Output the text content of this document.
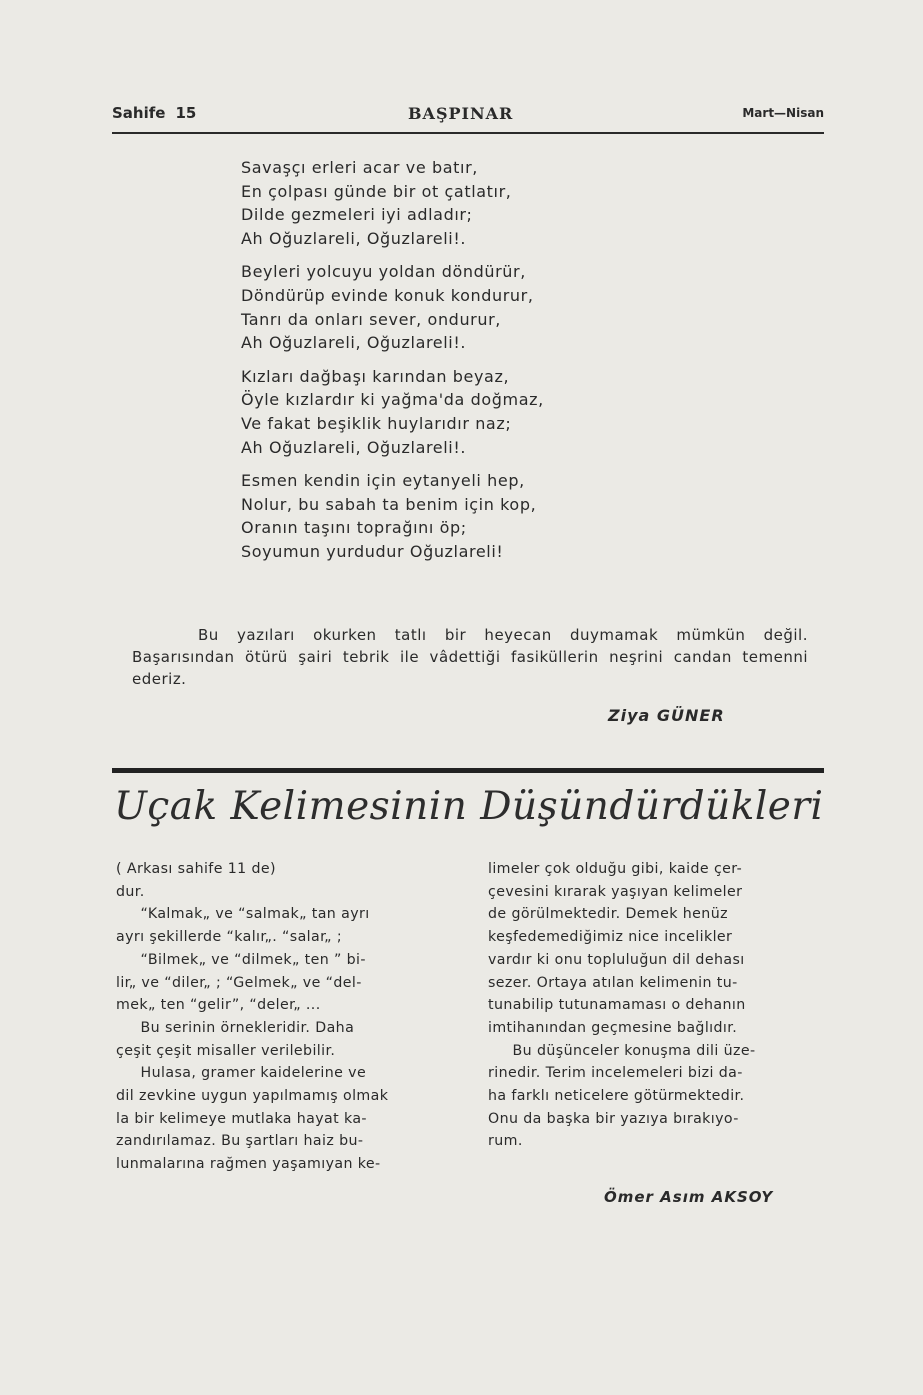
Sahife 15	BAŞPINAR	Mart—Nisan
Savaşçı erleri acar ve batır,
En çolpası günde bir ot çatlatır,
Dilde gezmeleri iyi adladır;
Ah Oğuzlareli, Oğuzlareli!.
Beyleri yolcuyu yoldan döndürür,
Döndürüp evinde konuk kondurur,
Tanrı da onları sever, ondurur,
Ah Oğuzlareli, Oğuzlareli!.
Kızları dağbaşı karından beyaz,
Öyle kızlardır ki yağma'da doğmaz,
Ve fakat beşiklik huylarıdır naz;
Ah Oğuzlareli, Oğuzlareli!.
Esmen kendin için eytanyeli hep,
Nolur, bu sabah ta benim için kop,
Oranın taşını toprağını öp;
Soyumun yurdudur Oğuzlareli!

Bu yazıları okurken tatlı bir heyecan duymamak mümkün değil. Başarısından ötürü şairi tebrik ile vâdettiği fasiküllerin neşrini candan temenni ederiz.

Ziya GÜNER
Uçak Kelimesinin Düşündürdükleri
( Arkası sahife 11 de)
dur.
“Kalmak„ ve “salmak„ tan ayrı
ayrı şekillerde “kalır„. “salar„ ;
“Bilmek„ ve “dilmek„ ten ” bi-
lir„ ve “diler„ ; “Gelmek„ ve “del-
mek„ ten “gelir”, “deler„ ...
Bu serinin örnekleridir. Daha
çeşit çeşit misaller verilebilir.
Hulasa, gramer kaidelerine ve
dil zevkine uygun yapılmamış olmak
la bir kelimeye mutlaka hayat ka-
zandırılamaz. Bu şartları haiz bu-
lunmalarına rağmen yaşamıyan ke-
limeler çok olduğu gibi, kaide çer-
çevesini kırarak yaşıyan kelimeler
de görülmektedir. Demek henüz
keşfedemediğimiz nice incelikler
vardır ki onu topluluğun dil dehası
sezer. Ortaya atılan kelimenin tu-
tunabilip tutunamaması o dehanın
imtihanından geçmesine bağlıdır.
Bu düşünceler konuşma dili üze-
rinedir. Terim incelemeleri bizi da-
ha farklı neticelere götürmektedir.
Onu da başka bir yazıya bırakıyo-
rum.
Ömer Asım AKSOY
